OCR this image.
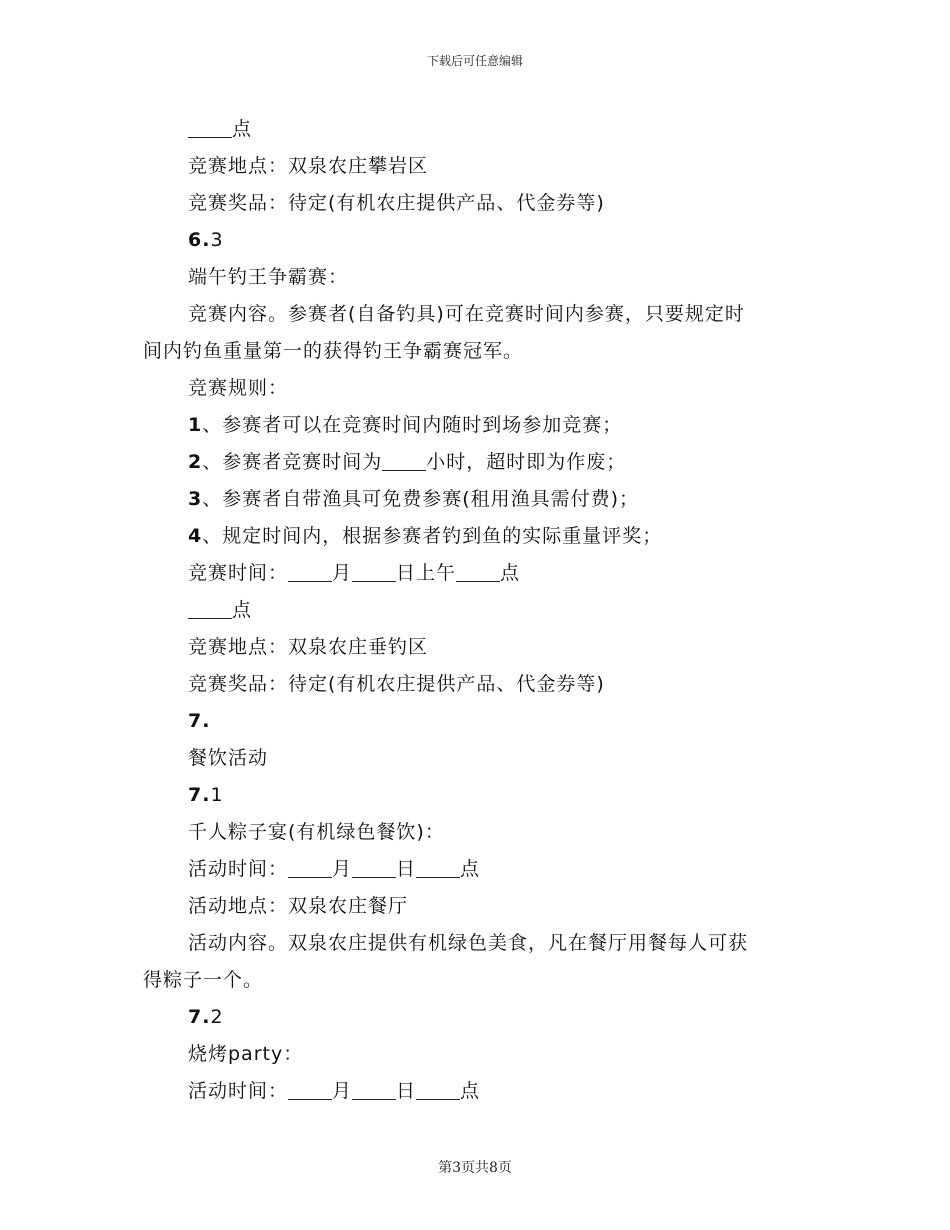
下载后可任意编辑
点
竞赛地点：双泉农庄攀岩区
竞赛奖品：待定(有机农庄提供产品、代金券等)
6.3
端午钓王争霸赛：
竞赛内容。参赛者(自备钓具)可在竞赛时间内参赛，只要规定时
间内钓鱼重量第一的获得钓王争霸赛冠军。
竞赛规则：
1、参赛者可以在竞赛时间内随时到场参加竞赛；
2、参赛者竞赛时间为 小时，超时即为作废；
3、参赛者自带渔具可免费参赛(租用渔具需付费)；
4、规定时间内，根据参赛者钓到鱼的实际重量评奖；
竞赛时间： 月 日上午 点
点
竞赛地点：双泉农庄垂钓区
竞赛奖品：待定(有机农庄提供产品、代金券等)
7.
餐饮活动
7.1
千人粽子宴(有机绿色餐饮)：
活动时间： 月 日 点
活动地点：双泉农庄餐厅
活动内容。双泉农庄提供有机绿色美食，凡在餐厅用餐每人可获
得粽子一个。
7.2
烧烤party：
活动时间： 月 日 点
第3页共8页
